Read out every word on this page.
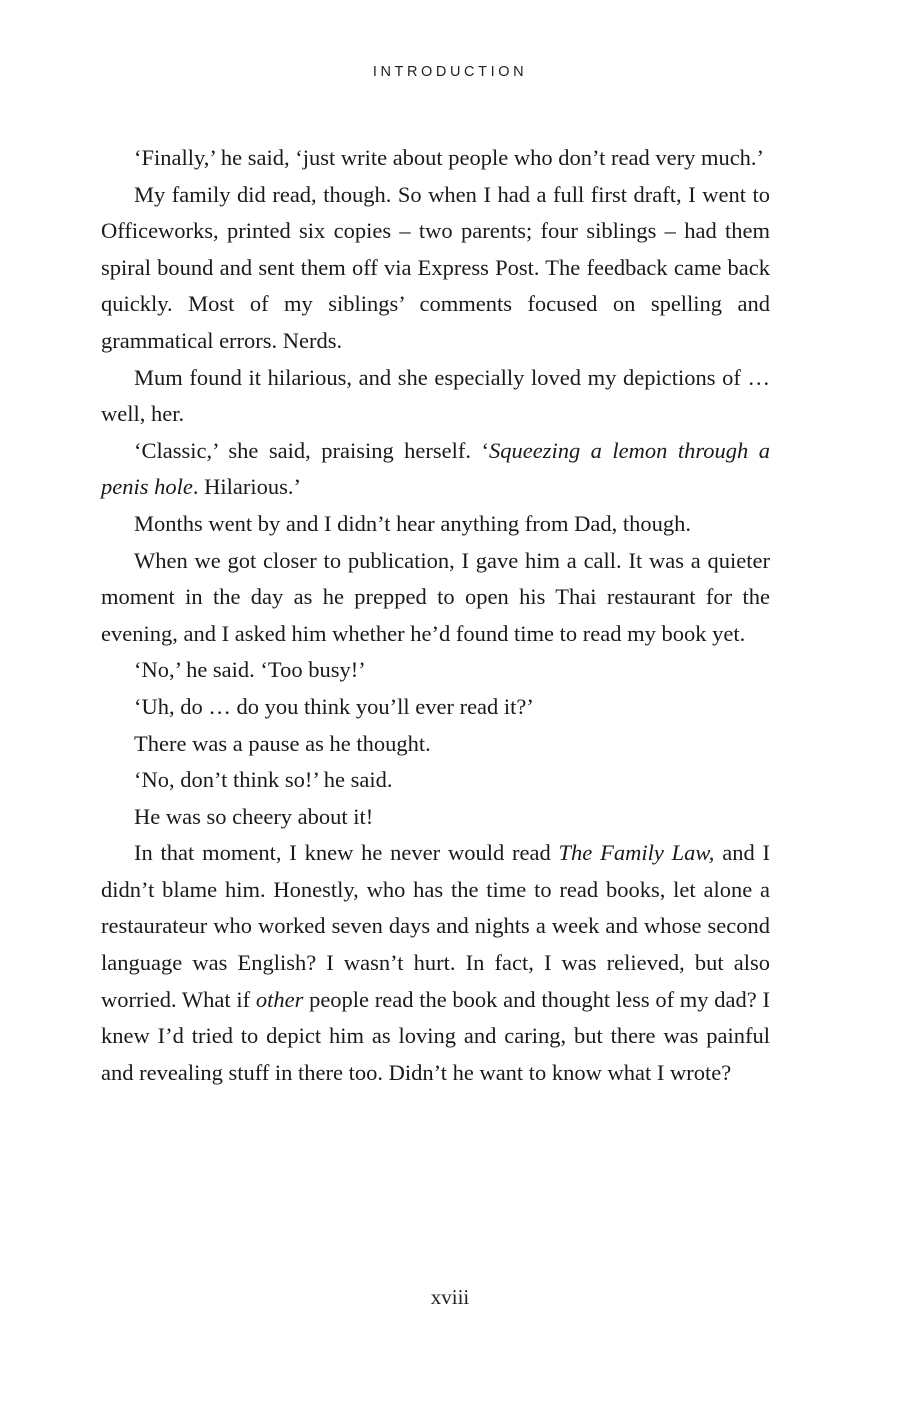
INTRODUCTION

‘Finally,’ he said, ‘just write about people who don’t read very much.’

My family did read, though. So when I had a full first draft, I went to Officeworks, printed six copies – two parents; four siblings – had them spiral bound and sent them off via Express Post. The feedback came back quickly. Most of my siblings’ comments focused on spelling and grammatical errors. Nerds.

Mum found it hilarious, and she especially loved my depictions of … well, her.

‘Classic,’ she said, praising herself. ‘Squeezing a lemon through a penis hole. Hilarious.’

Months went by and I didn’t hear anything from Dad, though.

When we got closer to publication, I gave him a call. It was a quieter moment in the day as he prepped to open his Thai restaurant for the evening, and I asked him whether he’d found time to read my book yet.

‘No,’ he said. ‘Too busy!’

‘Uh, do … do you think you’ll ever read it?’

There was a pause as he thought.

‘No, don’t think so!’ he said.

He was so cheery about it!

In that moment, I knew he never would read The Family Law, and I didn’t blame him. Honestly, who has the time to read books, let alone a restaurateur who worked seven days and nights a week and whose second language was English? I wasn’t hurt. In fact, I was relieved, but also worried. What if other people read the book and thought less of my dad? I knew I’d tried to depict him as loving and caring, but there was painful and revealing stuff in there too. Didn’t he want to know what I wrote?

xviii
